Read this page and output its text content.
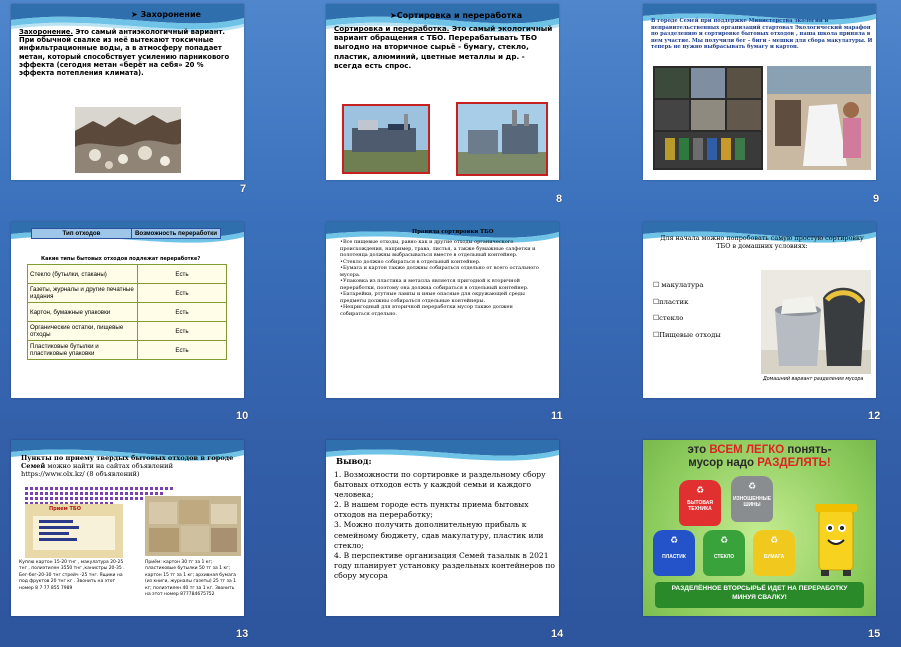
➤ Захоронение
Захоронение. Это самый антиэкологичный вариант. При обычной свалке из неё вытекают токсичные инфильтрационные воды, а в атмосферу попадает метан, который способствует усилению парникового эффекта (сегодня метан «берёт на себя» 20 % эффекта потепления климата).
7
➤Сортировка и переработка
Сортировка и переработка. Это самый экологичный вариант обращения с ТБО. Перерабатывать ТБО выгодно на вторичное сырьё - бумагу, стекло, пластик, алюминий, цветные металлы и др. - всегда есть спрос.
8
В городе Семей при поддержке Министерства экологии и неправительственных организаций стартовал Экологический марафон по разделению и сортировке бытовых отходов , наша школа приняла в нем участие. Мы получили бег – биги - мешки для сбора макулатуры. И теперь не нужно выбрасывать бумагу и картон.
9
Тип отходов	Возможность переработки
Какие типы бытовых отходов подлежат переработке?
Стекло (бутылки, стаканы)	Есть
Газеты, журналы и другие печатные издания	Есть
Картон, бумажные упаковки	Есть
Органические остатки, пищевые отходы	Есть
Пластиковые бутылки и пластиковые упаковки	Есть
10
Правила сортировки ТБО
•Все пищевые отходы, равно как и другие отходы органического происхождения, например, трава, листья, а также бумажные салфетки и полотенца должны выбрасываться вместе в отдельный контейнер.
•Стекло должно собираться в отдельный контейнер.
•Бумага и картон также должны собираться отдельно от всего остального мусора.
•Упаковка из пластика и металла является пригодной к вторичной переработки, поэтому она должна собираться в отдельный контейнер.
•Батарейки, ртутные лампы и иные опасные для окружающей среды предметы должны собираться отдельные контейнеры.
•Непригодный для вторичной переработки мусор также должен собираться отдельно.
11
Для начала можно попробовать самую простую сортировку ТБО в домашних условиях:
☐ макулатура
☐пластик
☐стекло
☐Пищевые отходы
Домашний вариант разделения мусора
12
Пункты по приему твердых бытовых отходов в городе Семей можно найти на сайтах объявлений
https://www.olx.kz/ (8 объявлений)
Прием ТБО
Куплю картон 15-20 тнг , макулатура 20-25 тнг , полиэтилен 3550 тнг ,канистры 20-35 . Бег-бег-20-30 тнг стрейч -25 тнг. Ящики на под фруктов 20 тнг кг . Звонить на этот номер 8 7 77 855 7989
Приём: картон 30 тг за 1 кг; пластиковые бутылки 50 тг за 1 кг; картон 15 тг за 1 кг; архивная бумага (из книги, журналы газеты) 25 тг за 1 кг; полиэтилен 40 тг за 1 кг. Звонить на этот номер 877784675752
13
Вывод:
1. Возможности по сортировке и раздельному сбору бытовых отходов есть у каждой семьи и каждого человека;
2. В нашем городе есть пункты приема бытовых отходов на переработку;
3. Можно получить дополнительную прибыль к семейному бюджету, сдав макулатуру, пластик или стекло;
4. В перспективе организация Семей тазалык в 2021 году планирует установку раздельных контейнеров по сбору мусора
14
это ВСЕМ ЛЕГКО понять-
мусор надо РАЗДЕЛЯТЬ!
♻
БЫТОВАЯ ТЕХНИКА
♻
ИЗНОШЕННЫЕ ШИНЫ
♻
ПЛАСТИК
♻
СТЕКЛО
♻
БУМАГА
РАЗДЕЛЁННОЕ ВТОРСЫРЬЁ ИДЕТ НА ПЕРЕРАБОТКУ МИНУЯ СВАЛКУ!
15
